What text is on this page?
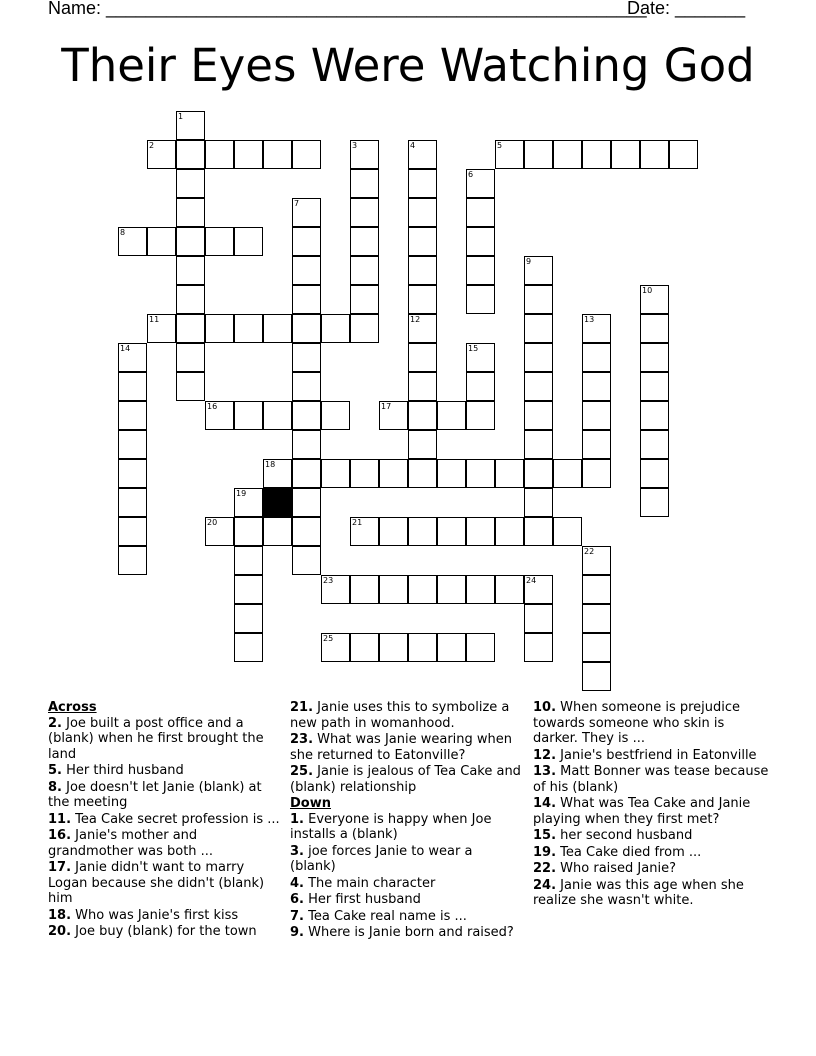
Name: ______________________________________________________
Date: _______
Their Eyes Were Watching God
1
2	3	4	5
6
7
8
9
10
11	12	13
14	15
16	17
18
19
20	21
22
23	24
25
Across
2. Joe built a post office and a (blank) when he first brought the land
5. Her third husband
8. Joe doesn't let Janie (blank) at the meeting
11. Tea Cake secret profession is ...
16. Janie's mother and grandmother was both ...
17. Janie didn't want to marry Logan because she didn't (blank) him
18. Who was Janie's first kiss
20. Joe buy (blank) for the town
21. Janie uses this to symbolize a new path in womanhood.
23. What was Janie wearing when she returned to Eatonville?
25. Janie is jealous of Tea Cake and (blank) relationship
Down
1. Everyone is happy when Joe installs a (blank)
3. joe forces Janie to wear a (blank)
4. The main character
6. Her first husband
7. Tea Cake real name is ...
9. Where is Janie born and raised?
10. When someone is prejudice towards someone who skin is darker. They is ...
12. Janie's bestfriend in Eatonville
13. Matt Bonner was tease because of his (blank)
14. What was Tea Cake and Janie playing when they first met?
15. her second husband
19. Tea Cake died from ...
22. Who raised Janie?
24. Janie was this age when she realize she wasn't white.
